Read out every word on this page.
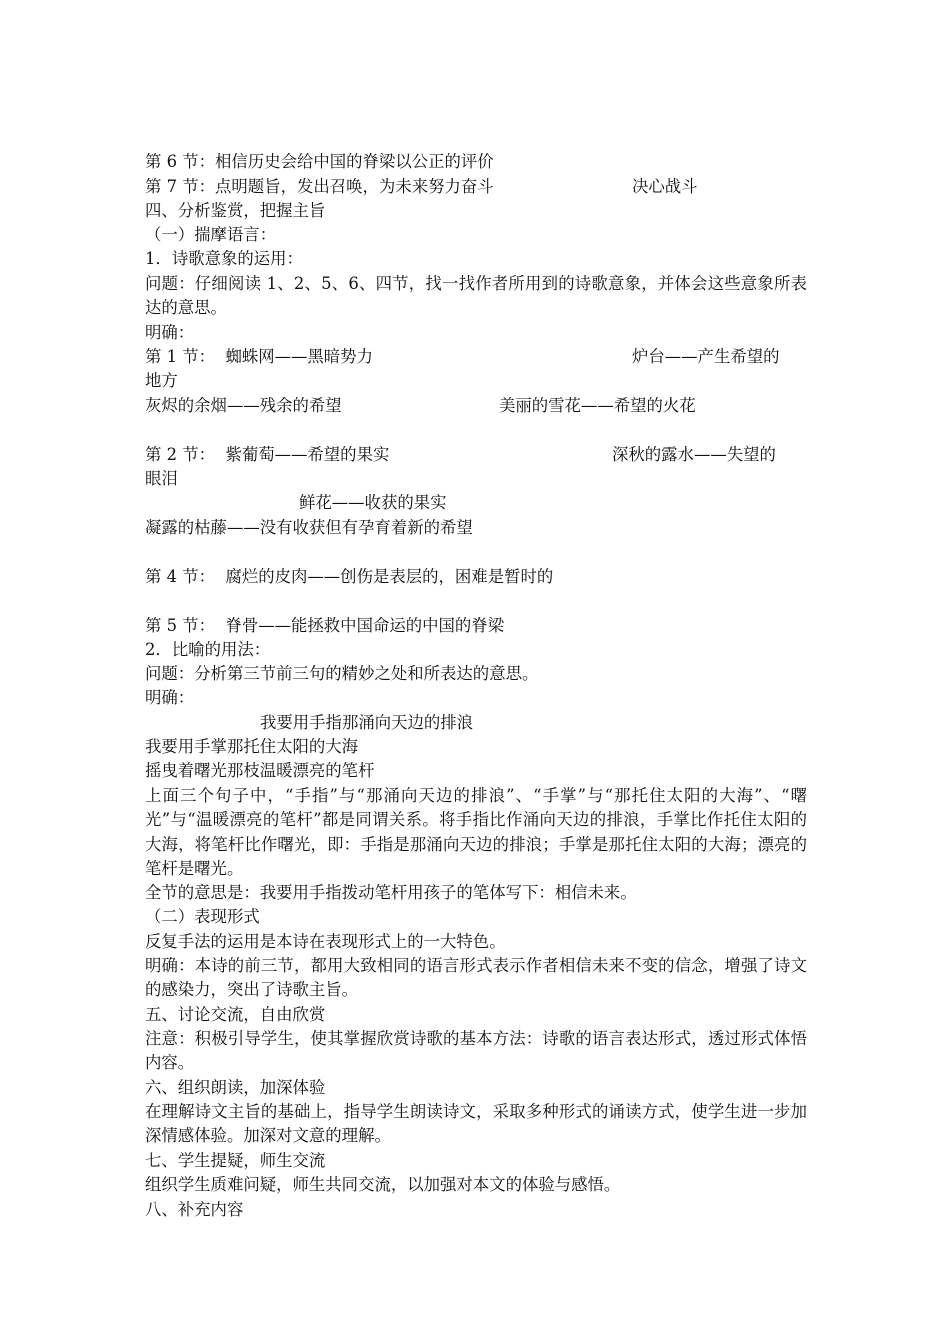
第 6 节：相信历史会给中国的脊梁以公正的评价
第 7 节：点明题旨，发出召唤，为未来努力奋斗	决心战斗
四、分析鉴赏，把握主旨
（一）揣摩语言：
1．诗歌意象的运用：
问题：仔细阅读 1、2、5、6、四节，找一找作者所用到的诗歌意象，并体会这些意象所表达的意思。
明确：
第 1 节：  蜘蛛网——黑暗势力	炉台——产生希望的
地方
灰烬的余烟——残余的希望	美丽的雪花——希望的火花
第 2 节：  紫葡萄——希望的果实	深秋的露水——失望的
眼泪
鲜花——收获的果实
凝露的枯藤——没有收获但有孕育着新的希望
第 4 节：  腐烂的皮肉——创伤是表层的，困难是暂时的
第 5 节：  脊骨——能拯救中国命运的中国的脊梁
2．比喻的用法：
问题：分析第三节前三句的精妙之处和所表达的意思。
明确：
我要用手指那涌向天边的排浪
我要用手掌那托住太阳的大海
摇曳着曙光那枝温暖漂亮的笔杆
上面三个句子中，“手指”与“那涌向天边的排浪”、“手掌”与“那托住太阳的大海”、“曙光”与“温暖漂亮的笔杆”都是同谓关系。将手指比作涌向天边的排浪，手掌比作托住太阳的大海，将笔杆比作曙光，即：手指是那涌向天边的排浪；手掌是那托住太阳的大海；漂亮的笔杆是曙光。
全节的意思是：我要用手指拨动笔杆用孩子的笔体写下：相信未来。
（二）表现形式
反复手法的运用是本诗在表现形式上的一大特色。
明确：本诗的前三节，都用大致相同的语言形式表示作者相信未来不变的信念，增强了诗文的感染力，突出了诗歌主旨。
五、讨论交流，自由欣赏
注意：积极引导学生，使其掌握欣赏诗歌的基本方法：诗歌的语言表达形式，透过形式体悟内容。
六、组织朗读，加深体验
在理解诗文主旨的基础上，指导学生朗读诗文，采取多种形式的诵读方式，使学生进一步加深情感体验。加深对文意的理解。
七、学生提疑，师生交流
组织学生质难问疑，师生共同交流，以加强对本文的体验与感悟。
八、补充内容
